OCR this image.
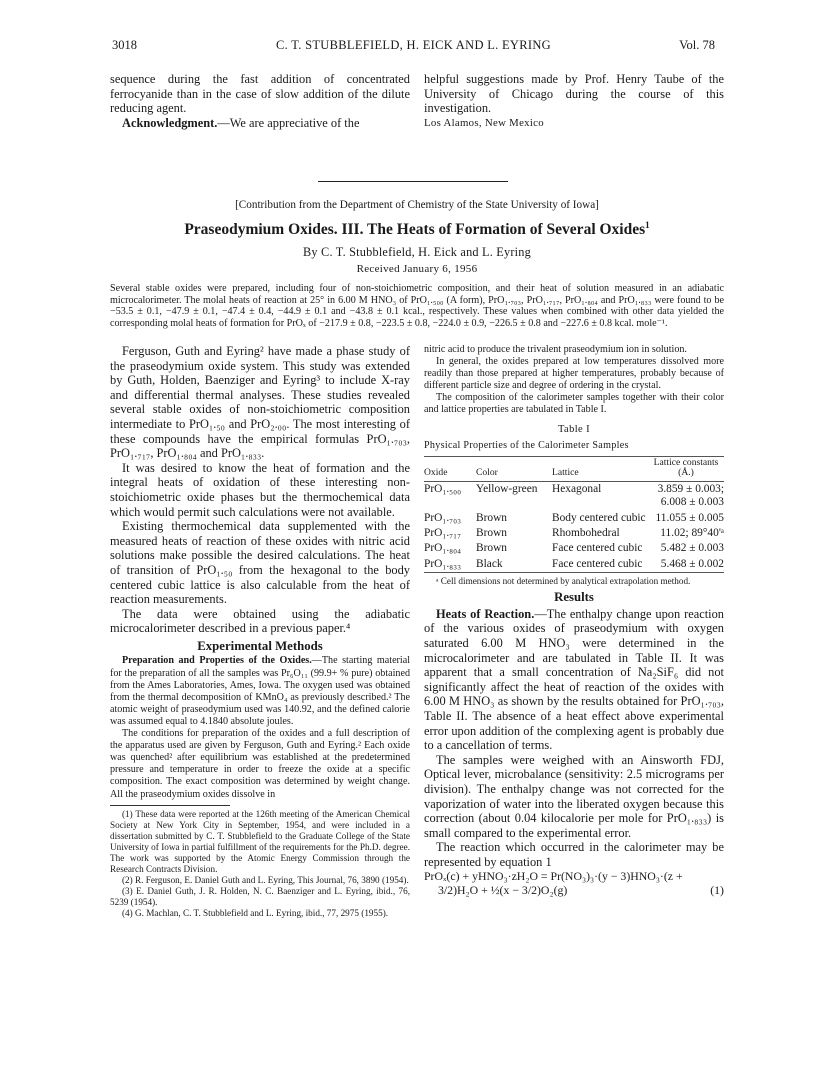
3018	C. T. STUBBLEFIELD, H. EICK AND L. EYRING	Vol. 78

sequence during the fast addition of concentrated ferrocyanide than in the case of slow addition of the dilute reducing agent.

Acknowledgment.—We are appreciative of the

helpful suggestions made by Prof. Henry Taube of the University of Chicago during the course of this investigation.

Los Alamos, New Mexico

[Contribution from the Department of Chemistry of the State University of Iowa]
Praseodymium Oxides. III. The Heats of Formation of Several Oxides$^1$
By C. T. Stubblefield, H. Eick and L. Eyring
Received January 6, 1956
Several stable oxides were prepared, including four of non-stoichiometric composition, and their heat of solution measured in an adiabatic microcalorimeter. The molal heats of reaction at 25° in 6.00 M HNO₃ of PrO₁.₅₀₀ (A form), PrO₁.₇₀₃, PrO₁.₇₁₇, PrO₁.₈₀₄ and PrO₁.₈₃₃ were found to be −53.5 ± 0.1, −47.9 ± 0.1, −47.4 ± 0.4, −44.9 ± 0.1 and −43.8 ± 0.1 kcal., respectively. These values when combined with other data yielded the corresponding molal heats of formation for PrOₓ of −217.9 ± 0.8, −223.5 ± 0.8, −224.0 ± 0.9, −226.5 ± 0.8 and −227.6 ± 0.8 kcal. mole⁻¹.

Ferguson, Guth and Eyring² have made a phase study of the praseodymium oxide system. This study was extended by Guth, Holden, Baenziger and Eyring³ to include X-ray and differential thermal analyses. These studies revealed several stable oxides of non-stoichiometric composition intermediate to PrO₁.₅₀ and PrO₂.₀₀. The most interesting of these compounds have the empirical formulas PrO₁.₇₀₃, PrO₁.₇₁₇, PrO₁.₈₀₄ and PrO₁.₈₃₃.

It was desired to know the heat of formation and the integral heats of oxidation of these interesting non-stoichiometric oxide phases but the thermochemical data which would permit such calculations were not available.

Existing thermochemical data supplemented with the measured heats of reaction of these oxides with nitric acid solutions make possible the desired calculations. The heat of transition of PrO₁.₅₀ from the hexagonal to the body centered cubic lattice is also calculable from the heat of reaction measurements.

The data were obtained using the adiabatic microcalorimeter described in a previous paper.⁴

Experimental Methods

Preparation and Properties of the Oxides.—The starting material for the preparation of all the samples was Pr₆O₁₁ (99.9+ % pure) obtained from the Ames Laboratories, Ames, Iowa. The oxygen used was obtained from the thermal decomposition of KMnO₄ as previously described.² The atomic weight of praseodymium used was 140.92, and the defined calorie was assumed equal to 4.1840 absolute joules.

The conditions for preparation of the oxides and a full description of the apparatus used are given by Ferguson, Guth and Eyring.² Each oxide was quenched² after equilibrium was established at the predetermined pressure and temperature in order to freeze the oxide at a specific composition. The exact composition was determined by weight change. All the praseodymium oxides dissolve in

(1) These data were reported at the 126th meeting of the American Chemical Society at New York City in September, 1954, and were included in a dissertation submitted by C. T. Stubblefield to the Graduate College of the State University of Iowa in partial fulfillment of the requirements for the Ph.D. degree. The work was supported by the Atomic Energy Commission through the Research Contracts Division.

(2) R. Ferguson, E. Daniel Guth and L. Eyring, This Journal, 76, 3890 (1954).

(3) E. Daniel Guth, J. R. Holden, N. C. Baenziger and L. Eyring, ibid., 76, 5239 (1954).

(4) G. Machlan, C. T. Stubblefield and L. Eyring, ibid., 77, 2975 (1955).

nitric acid to produce the trivalent praseodymium ion in solution.

In general, the oxides prepared at low temperatures dissolved more readily than those prepared at higher temperatures, probably because of different particle size and degree of ordering in the crystal.

The composition of the calorimeter samples together with their color and lattice properties are tabulated in Table I.

Table I
Physical Properties of the Calorimeter Samples
Oxide	Color	Lattice	Lattice constants (Å.)
PrO₁.₅₀₀	Yellow-green	Hexagonal	3.859 ± 0.003; 6.008 ± 0.003
PrO₁.₇₀₃	Brown	Body centered cubic	11.055 ± 0.005
PrO₁.₇₁₇	Brown	Rhombohedral	11.02; 89°40'ᵃ
PrO₁.₈₀₄	Brown	Face centered cubic	5.482 ± 0.003
PrO₁.₈₃₃	Black	Face centered cubic	5.468 ± 0.002

ᵃ Cell dimensions not determined by analytical extrapolation method.

Results

Heats of Reaction.—The enthalpy change upon reaction of the various oxides of praseodymium with oxygen saturated 6.00 M HNO₃ were determined in the microcalorimeter and are tabulated in Table II. It was apparent that a small concentration of Na₂SiF₆ did not significantly affect the heat of reaction of the oxides with 6.00 M HNO₃ as shown by the results obtained for PrO₁.₇₀₃, Table II. The absence of a heat effect above experimental error upon addition of the complexing agent is probably due to a cancellation of terms.

The samples were weighed with an Ainsworth FDJ, Optical lever, microbalance (sensitivity: 2.5 micrograms per division). The enthalpy change was not corrected for the vaporization of water into the liberated oxygen because this correction (about 0.04 kilocalorie per mole for PrO₁.₈₃₃) is small compared to the experimental error.

The reaction which occurred in the calorimeter may be represented by equation 1

PrOₓ(c) + yHNO₃·zH₂O = Pr(NO₃)₃·(y − 3)HNO₃·(z +
3/2)H₂O + ½(x − 3/2)O₂(g)	(1)
